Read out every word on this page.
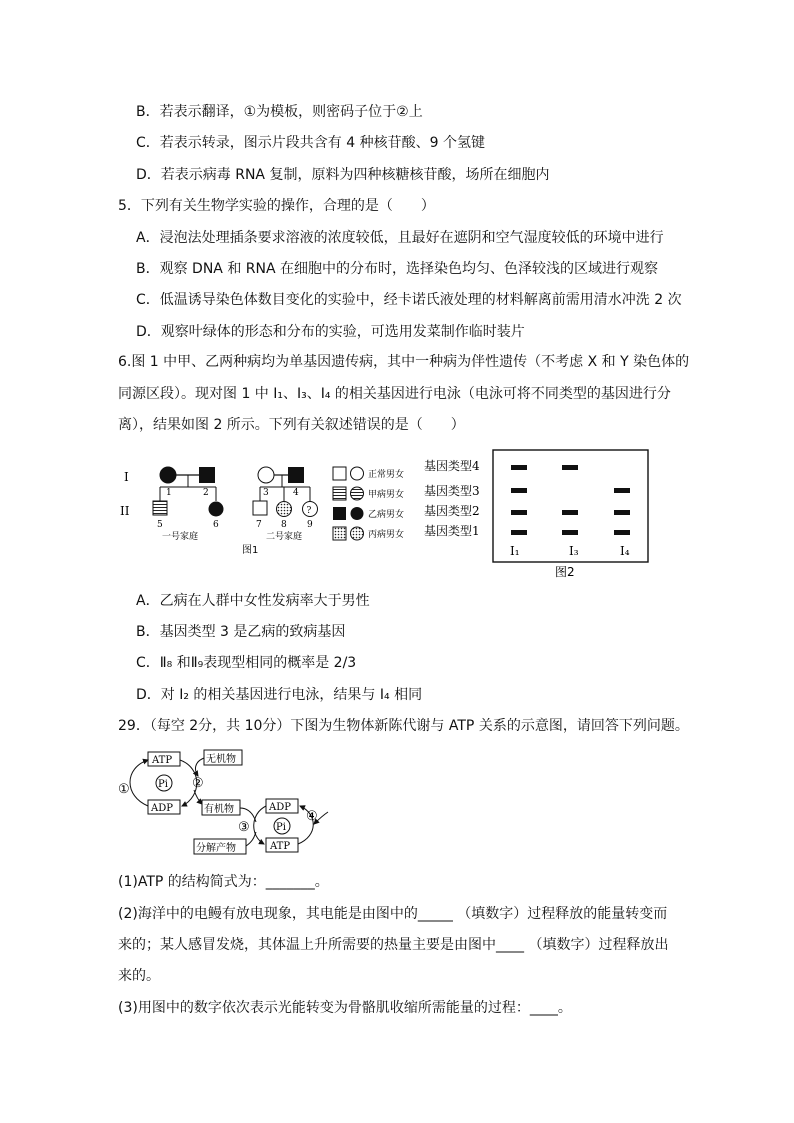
B．若表示翻译，①为模板，则密码子位于②上
C．若表示转录，图示片段共含有 4 种核苷酸、9 个氢键
D．若表示病毒 RNA 复制，原料为四种核糖核苷酸，场所在细胞内
5．下列有关生物学实验的操作，合理的是（　　）
A．浸泡法处理插条要求溶液的浓度较低，且最好在遮阴和空气湿度较低的环境中进行
B．观察 DNA 和 RNA 在细胞中的分布时，选择染色均匀、色泽较浅的区域进行观察
C．低温诱导染色体数目变化的实验中，经卡诺氏液处理的材料解离前需用清水冲洗 2 次
D．观察叶绿体的形态和分布的实验，可选用发菜制作临时装片
6.图 1 中甲、乙两种病均为单基因遗传病，其中一种病为伴性遗传（不考虑 X 和 Y 染色体的
同源区段）。现对图 1 中 I₁、I₃、I₄ 的相关基因进行电泳（电泳可将不同类型的基因进行分
离），结果如图 2 所示。下列有关叙述错误的是（　　）
I
II
1	2
5	6
一号家庭
3	4
?
7 8 9
二号家庭
图1
正常男女
甲病男女
乙病男女
丙病男女
基因类型4
基因类型3
基因类型2
基因类型1
I₁	I₃	I₄
图2
A．乙病在人群中女性发病率大于男性
B．基因类型 3 是乙病的致病基因
C．Ⅱ₈ 和Ⅱ₉表现型相同的概率是 2/3
D．对 I₂ 的相关基因进行电泳，结果与 I₄ 相同
29．（每空 2分，共 10分）下图为生物体新陈代谢与 ATP 关系的示意图，请回答下列问题。
ATP
ADP
Pi
①	②
无机物
有机物	ADP
Pi
ATP
③
④
分解产物
(1)ATP 的结构简式为：_______。
(2)海洋中的电鳗有放电现象，其电能是由图中的_____ （填数字）过程释放的能量转变而
来的；某人感冒发烧，其体温上升所需要的热量主要是由图中____ （填数字）过程释放出
来的。
(3)用图中的数字依次表示光能转变为骨骼肌收缩所需能量的过程：____。
